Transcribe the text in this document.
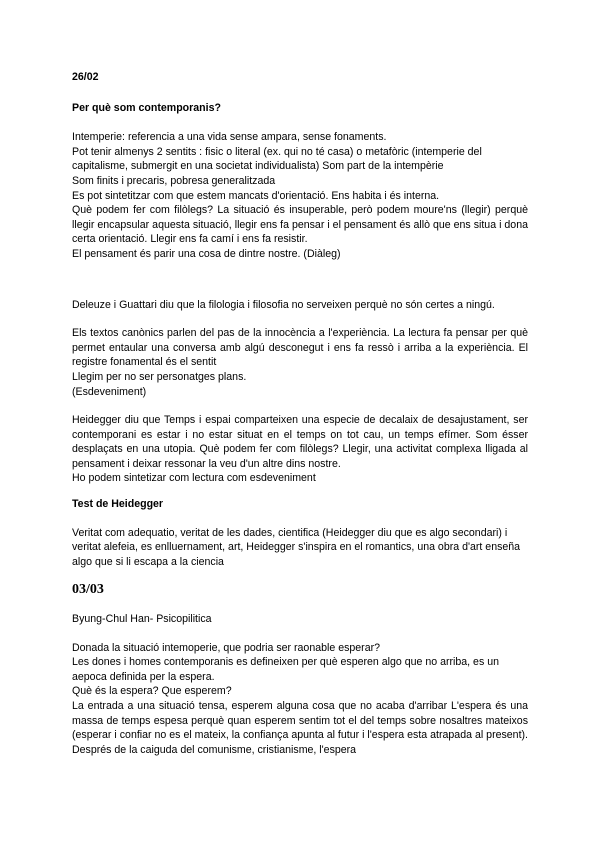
26/02

Per què som contemporanis?

Intemperie: referencia a una vida sense ampara, sense fonaments.

Pot tenir almenys 2 sentits : fisic o literal (ex. qui no té casa) o metafòric (intemperie del capitalisme, submergit en una societat individualista) Som part de la intempèrie

Som finits i precaris, pobresa generalitzada

Es pot sintetitzar com que estem mancats d'orientació. Ens habita i és interna.

Què podem fer com filòlegs? La situació és insuperable, però podem moure'ns (llegir) perquè llegir encapsular aquesta situació, llegir ens fa pensar i el pensament és allò que ens situa i dona certa orientació. Llegir ens fa camí i ens fa resistir.

El pensament és parir una cosa de dintre nostre. (Diàleg)

Deleuze i Guattari diu que la filologia i filosofia no serveixen perquè no són certes a ningú.

Els textos canònics parlen del pas de la innocència a l'experiència. La lectura fa pensar per què permet entaular una conversa amb algú desconegut i ens fa ressò i arriba a la experiència. El registre fonamental és el sentit

Llegim per no ser personatges plans.

(Esdeveniment)

Heidegger diu que Temps i espai comparteixen una especie de decalaix de desajustament, ser contemporani es estar i no estar situat en el temps on tot cau, un temps efímer. Som ésser desplaçats en una utopia. Què podem fer com filòlegs? Llegir, una activitat complexa lligada al pensament i deixar ressonar la veu d'un altre dins nostre.

Ho podem sintetizar com lectura com esdeveniment

Test de Heidegger

Veritat com adequatio, veritat de les dades, cientifica (Heidegger diu que es algo secondari) i veritat alefeia, es enlluernament, art, Heidegger s'inspira en el romantics, una obra d'art enseña algo que si li escapa a la ciencia

03/03

Byung-Chul Han- Psicopilitica

Donada la situació intemoperie, que podria ser raonable esperar?

Les dones i homes contemporanis es defineixen per què esperen algo que no arriba, es un aepoca definida per la espera.

Què és la espera? Que esperem?

La entrada a una situació tensa, esperem alguna cosa que no acaba d'arribar L'espera és una massa de temps espesa perquè quan esperem sentim tot el del temps sobre nosaltres mateixos (esperar i confiar no es el mateix, la confiança apunta al futur i l'espera esta atrapada al present). Després de la caiguda del comunisme, cristianisme, l'espera
